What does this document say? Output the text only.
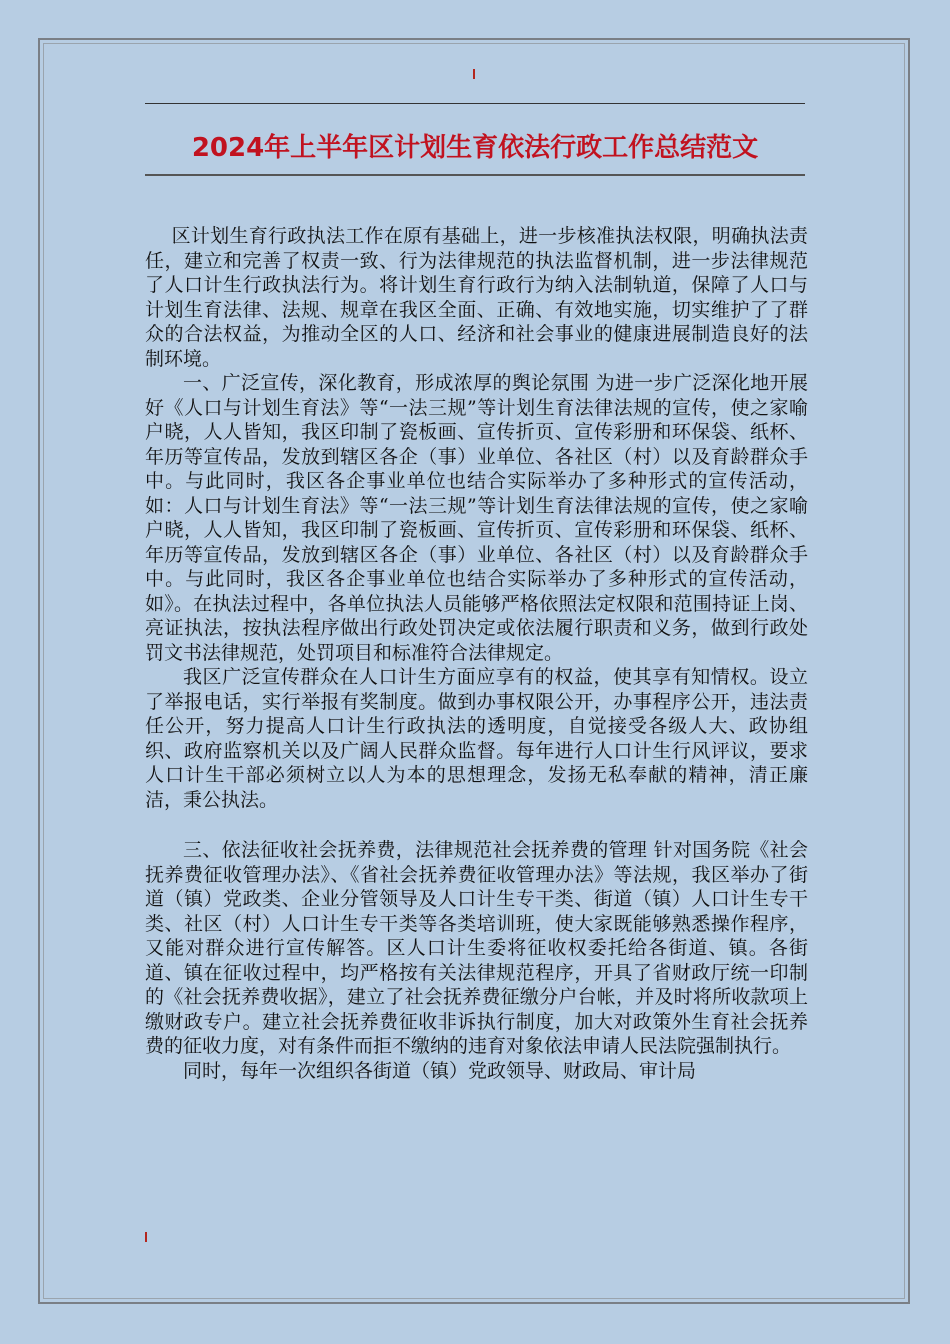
2024年上半年区计划生育依法行政工作总结范文

区计划生育行政执法工作在原有基础上，进一步核准执法权限，明确执法责任，建立和完善了权责一致、行为法律规范的执法监督机制，进一步法律规范了人口计生行政执法行为。将计划生育行政行为纳入法制轨道，保障了人口与计划生育法律、法规、规章在我区全面、正确、有效地实施，切实维护了了群众的合法权益，为推动全区的人口、经济和社会事业的健康进展制造良好的法制环境。

一、广泛宣传，深化教育，形成浓厚的舆论氛围 为进一步广泛深化地开展好《人口与计划生育法》等“一法三规”等计划生育法律法规的宣传，使之家喻户晓，人人皆知，我区印制了瓷板画、宣传折页、宣传彩册和环保袋、纸杯、年历等宣传品，发放到辖区各企（事）业单位、各社区（村）以及育龄群众手中。与此同时，我区各企事业单位也结合实际举办了多种形式的宣传活动，如：人口与计划生育法》等“一法三规”等计划生育法律法规的宣传，使之家喻户晓，人人皆知，我区印制了瓷板画、宣传折页、宣传彩册和环保袋、纸杯、年历等宣传品，发放到辖区各企（事）业单位、各社区（村）以及育龄群众手中。与此同时，我区各企事业单位也结合实际举办了多种形式的宣传活动，如》。在执法过程中，各单位执法人员能够严格依照法定权限和范围持证上岗、亮证执法，按执法程序做出行政处罚决定或依法履行职责和义务，做到行政处罚文书法律规范，处罚项目和标准符合法律规定。

我区广泛宣传群众在人口计生方面应享有的权益，使其享有知情权。设立了举报电话，实行举报有奖制度。做到办事权限公开，办事程序公开，违法责任公开，努力提高人口计生行政执法的透明度，自觉接受各级人大、政协组织、政府监察机关以及广阔人民群众监督。每年进行人口计生行风评议，要求人口计生干部必须树立以人为本的思想理念，发扬无私奉献的精神，清正廉洁，秉公执法。

三、依法征收社会抚养费，法律规范社会抚养费的管理 针对国务院《社会抚养费征收管理办法》、《省社会抚养费征收管理办法》等法规，我区举办了街道（镇）党政类、企业分管领导及人口计生专干类、街道（镇）人口计生专干类、社区（村）人口计生专干类等各类培训班，使大家既能够熟悉操作程序，又能对群众进行宣传解答。区人口计生委将征收权委托给各街道、镇。各街道、镇在征收过程中，均严格按有关法律规范程序，开具了省财政厅统一印制的《社会抚养费收据》，建立了社会抚养费征缴分户台帐，并及时将所收款项上缴财政专户。建立社会抚养费征收非诉执行制度，加大对政策外生育社会抚养费的征收力度，对有条件而拒不缴纳的违育对象依法申请人民法院强制执行。

同时，每年一次组织各街道（镇）党政领导、财政局、审计局
